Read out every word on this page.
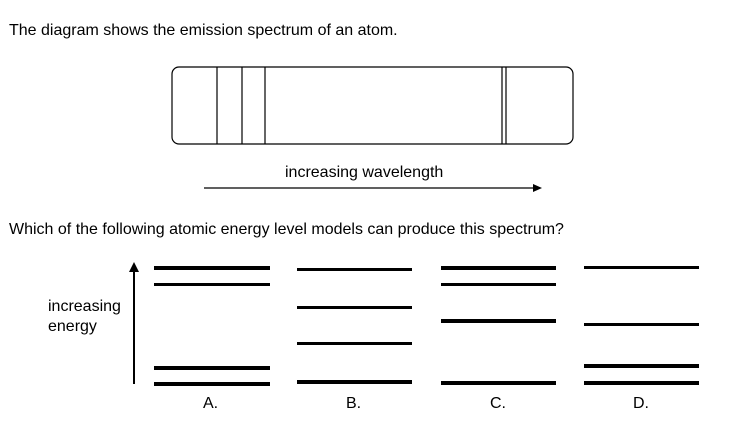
The diagram shows the emission spectrum of an atom.
increasing wavelength
Which of the following atomic energy level models can produce this spectrum?
increasing
energy
A.	B.	C.	D.
